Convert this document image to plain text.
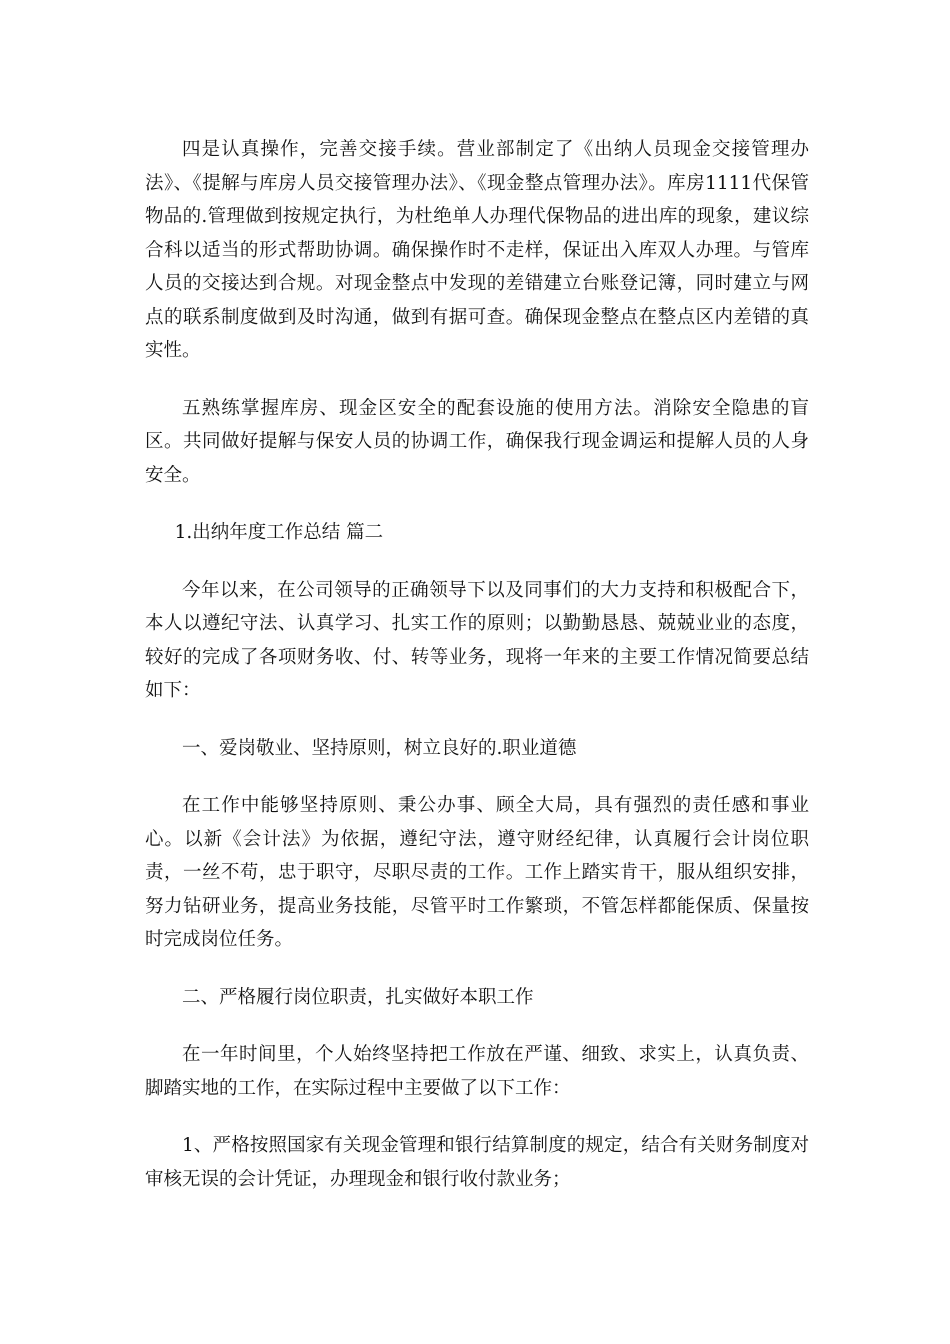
四是认真操作，完善交接手续。营业部制定了《出纳人员现金交接管理办法》、《提解与库房人员交接管理办法》、《现金整点管理办法》。库房1111代保管物品的.管理做到按规定执行，为杜绝单人办理代保物品的进出库的现象，建议综合科以适当的形式帮助协调。确保操作时不走样，保证出入库双人办理。与管库人员的交接达到合规。对现金整点中发现的差错建立台账登记簿，同时建立与网点的联系制度做到及时沟通，做到有据可查。确保现金整点在整点区内差错的真实性。

五熟练掌握库房、现金区安全的配套设施的使用方法。消除安全隐患的盲区。共同做好提解与保安人员的协调工作，确保我行现金调运和提解人员的人身安全。

1.出纳年度工作总结 篇二

今年以来，在公司领导的正确领导下以及同事们的大力支持和积极配合下，本人以遵纪守法、认真学习、扎实工作的原则；以勤勤恳恳、兢兢业业的态度，较好的完成了各项财务收、付、转等业务，现将一年来的主要工作情况简要总结如下：

一、爱岗敬业、坚持原则，树立良好的.职业道德

在工作中能够坚持原则、秉公办事、顾全大局，具有强烈的责任感和事业心。以新《会计法》为依据，遵纪守法，遵守财经纪律，认真履行会计岗位职责，一丝不苟，忠于职守，尽职尽责的工作。工作上踏实肯干，服从组织安排，努力钻研业务，提高业务技能，尽管平时工作繁琐，不管怎样都能保质、保量按时完成岗位任务。

二、严格履行岗位职责，扎实做好本职工作

在一年时间里，个人始终坚持把工作放在严谨、细致、求实上，认真负责、脚踏实地的工作，在实际过程中主要做了以下工作：

1、严格按照国家有关现金管理和银行结算制度的规定，结合有关财务制度对审核无误的会计凭证，办理现金和银行收付款业务；
